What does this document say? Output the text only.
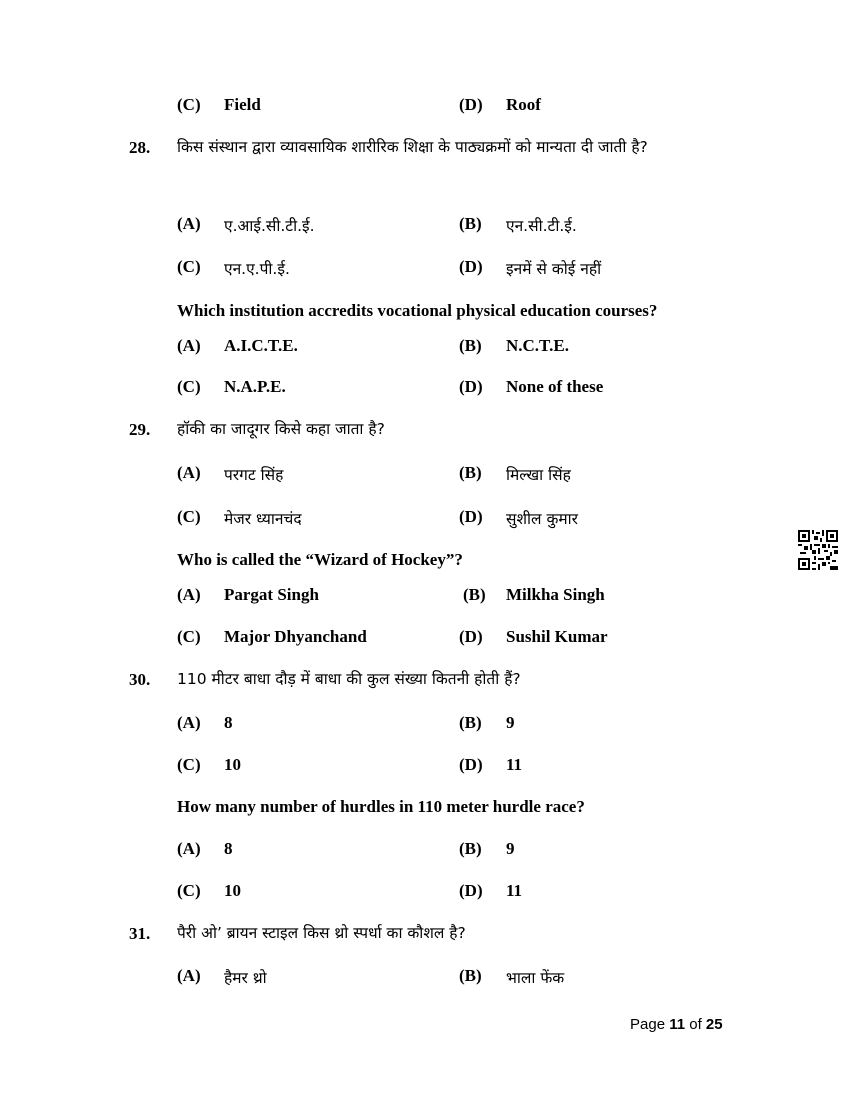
(C) Field	(D) Roof
28. किस संस्थान द्वारा व्यावसायिक शारीरिक शिक्षा के पाठ्यक्रमों को मान्यता दी जाती है?
(A) ए.आई.सी.टी.ई.	(B) एन.सी.टी.ई.
(C) एन.ए.पी.ई.	(D) इनमें से कोई नहीं
Which institution accredits vocational physical education courses?
(A) A.I.C.T.E.	(B) N.C.T.E.
(C) N.A.P.E.	(D) None of these
29. हॉकी का जादूगर किसे कहा जाता है?
(A) परगट सिंह	(B) मिल्खा सिंह
(C) मेजर ध्यानचंद	(D) सुशील कुमार
Who is called the “Wizard of Hockey”?
(A) Pargat Singh	(B) Milkha Singh
(C) Major Dhyanchand	(D) Sushil Kumar
30. 110 मीटर बाधा दौड़ में बाधा की कुल संख्या कितनी होती हैं?
(A) 8	(B) 9
(C) 10	(D) 11
How many number of hurdles in 110 meter hurdle race?
(A) 8	(B) 9
(C) 10	(D) 11
31. पैरी ओ’ ब्रायन स्टाइल किस थ्रो स्पर्धा का कौशल है?
(A) हैमर थ्रो	(B) भाला फेंक
Page 11 of 25
